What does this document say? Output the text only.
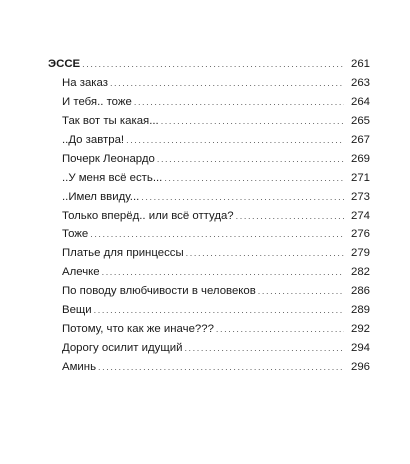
ЭССЕ .....	261
На заказ .....	263
И тебя.. тоже .....	264
Так вот ты какая... .....	265
..До завтра! .....	267
Почерк Леонардо .....	269
..У меня всё есть... .....	271
..Имел ввиду... .....	273
Только вперёд.. или всё оттуда? .....	274
Тоже .....	276
Платье для принцессы .....	279
Алечке .....	282
По поводу влюбчивости в человеков .....	286
Вещи .....	289
Потому, что как же иначе??? .....	292
Дорогу осилит идущий .....	294
Аминь .....	296
